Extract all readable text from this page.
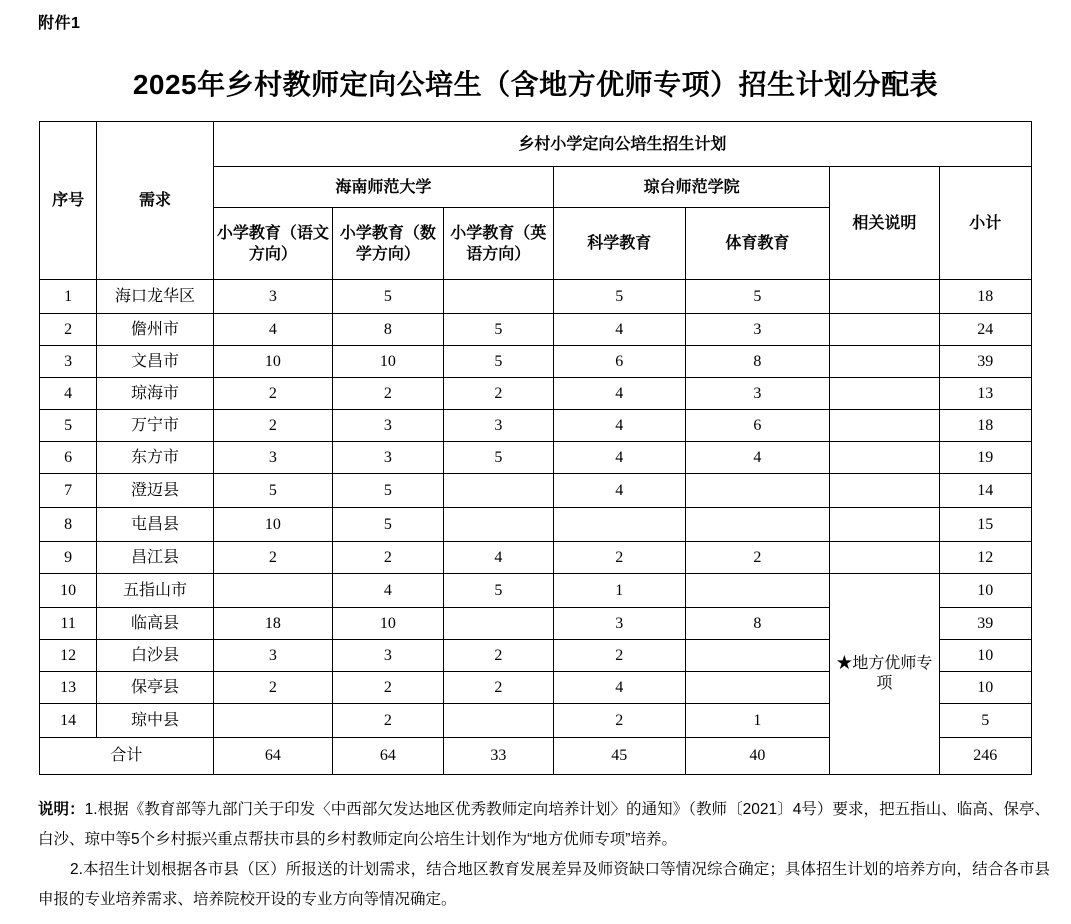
附件1
2025年乡村教师定向公培生（含地方优师专项）招生计划分配表
序号	需求	乡村小学定向公培生招生计划						
		海南师范大学			琼台师范学院		相关说明	小计
		小学教育（语文方向）	小学教育（数学方向）	小学教育（英语方向）	科学教育	体育教育		
1	海口龙华区	3	5		5	5		18
2	儋州市	4	8	5	4	3		24
3	文昌市	10	10	5	6	8		39
4	琼海市	2	2	2	4	3		13
5	万宁市	2	3	3	4	6		18
6	东方市	3	3	5	4	4		19
7	澄迈县	5	5		4			14
8	屯昌县	10	5					15
9	昌江县	2	2	4	2	2		12
10	五指山市		4	5	1		★地方优师专项	10
11	临高县	18	10		3	8		39
12	白沙县	3	3	2	2			10
13	保亭县	2	2	2	4			10
14	琼中县		2		2	1		5
合计		64	64	33	45	40		246

说明：1.根据《教育部等九部门关于印发〈中西部欠发达地区优秀教师定向培养计划〉的通知》（教师〔2021〕4号）要求，把五指山、临高、保亭、白沙、琼中等5个乡村振兴重点帮扶市县的乡村教师定向公培生计划作为“地方优师专项”培养。

2.本招生计划根据各市县（区）所报送的计划需求，结合地区教育发展差异及师资缺口等情况综合确定；具体招生计划的培养方向，结合各市县申报的专业培养需求、培养院校开设的专业方向等情况确定。
